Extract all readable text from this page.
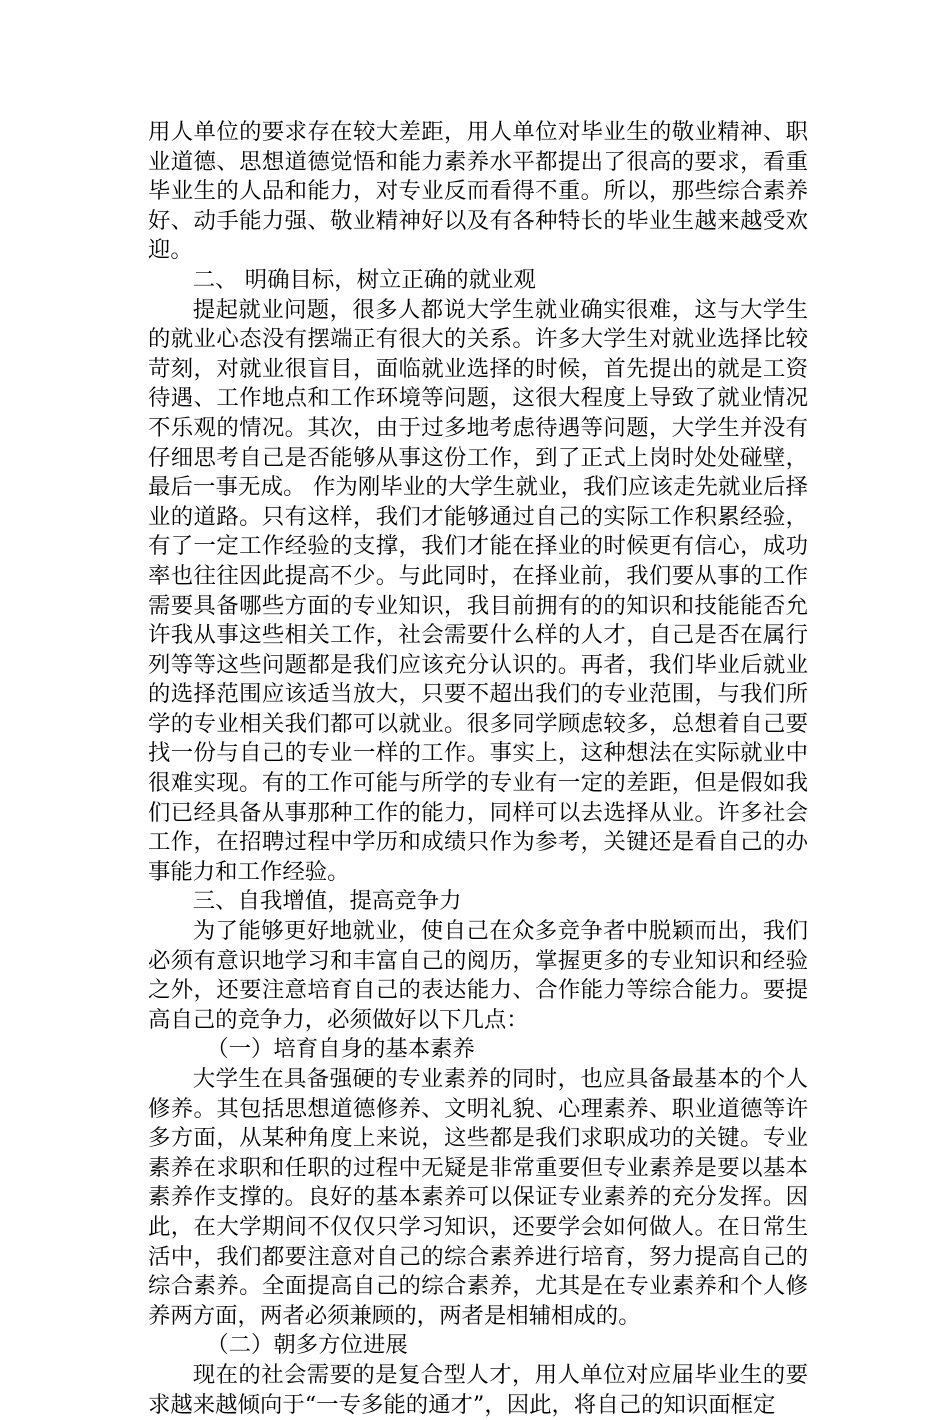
用人单位的要求存在较大差距，用人单位对毕业生的敬业精神、职业道德、思想道德觉悟和能力素养水平都提出了很高的要求，看重毕业生的人品和能力，对专业反而看得不重。所以，那些综合素养好、动手能力强、敬业精神好以及有各种特长的毕业生越来越受欢迎。

二、 明确目标，树立正确的就业观

提起就业问题，很多人都说大学生就业确实很难，这与大学生的就业心态没有摆端正有很大的关系。许多大学生对就业选择比较苛刻，对就业很盲目，面临就业选择的时候，首先提出的就是工资待遇、工作地点和工作环境等问题，这很大程度上导致了就业情况不乐观的情况。其次，由于过多地考虑待遇等问题，大学生并没有仔细思考自己是否能够从事这份工作，到了正式上岗时处处碰壁，最后一事无成。 作为刚毕业的大学生就业，我们应该走先就业后择业的道路。只有这样，我们才能够通过自己的实际工作积累经验，有了一定工作经验的支撑，我们才能在择业的时候更有信心，成功率也往往因此提高不少。与此同时，在择业前，我们要从事的工作需要具备哪些方面的专业知识，我目前拥有的的知识和技能能否允许我从事这些相关工作，社会需要什么样的人才，自己是否在属行列等等这些问题都是我们应该充分认识的。再者，我们毕业后就业的选择范围应该适当放大，只要不超出我们的专业范围，与我们所学的专业相关我们都可以就业。很多同学顾虑较多，总想着自己要找一份与自己的专业一样的工作。事实上，这种想法在实际就业中很难实现。有的工作可能与所学的专业有一定的差距，但是假如我们已经具备从事那种工作的能力，同样可以去选择从业。许多社会工作，在招聘过程中学历和成绩只作为参考，关键还是看自己的办事能力和工作经验。

三、自我增值，提高竞争力

为了能够更好地就业，使自己在众多竞争者中脱颖而出，我们必须有意识地学习和丰富自己的阅历，掌握更多的专业知识和经验之外，还要注意培育自己的表达能力、合作能力等综合能力。要提高自己的竞争力，必须做好以下几点：

（一）培育自身的基本素养

大学生在具备强硬的专业素养的同时，也应具备最基本的个人修养。其包括思想道德修养、文明礼貌、心理素养、职业道德等许多方面，从某种角度上来说，这些都是我们求职成功的关键。专业素养在求职和任职的过程中无疑是非常重要但专业素养是要以基本素养作支撑的。良好的基本素养可以保证专业素养的充分发挥。因此，在大学期间不仅仅只学习知识，还要学会如何做人。在日常生活中，我们都要注意对自己的综合素养进行培育，努力提高自己的综合素养。全面提高自己的综合素养，尤其是在专业素养和个人修养两方面，两者必须兼顾的，两者是相辅相成的。

（二）朝多方位进展

现在的社会需要的是复合型人才，用人单位对应届毕业生的要求越来越倾向于“一专多能的通才”，因此，将自己的知识面框定
